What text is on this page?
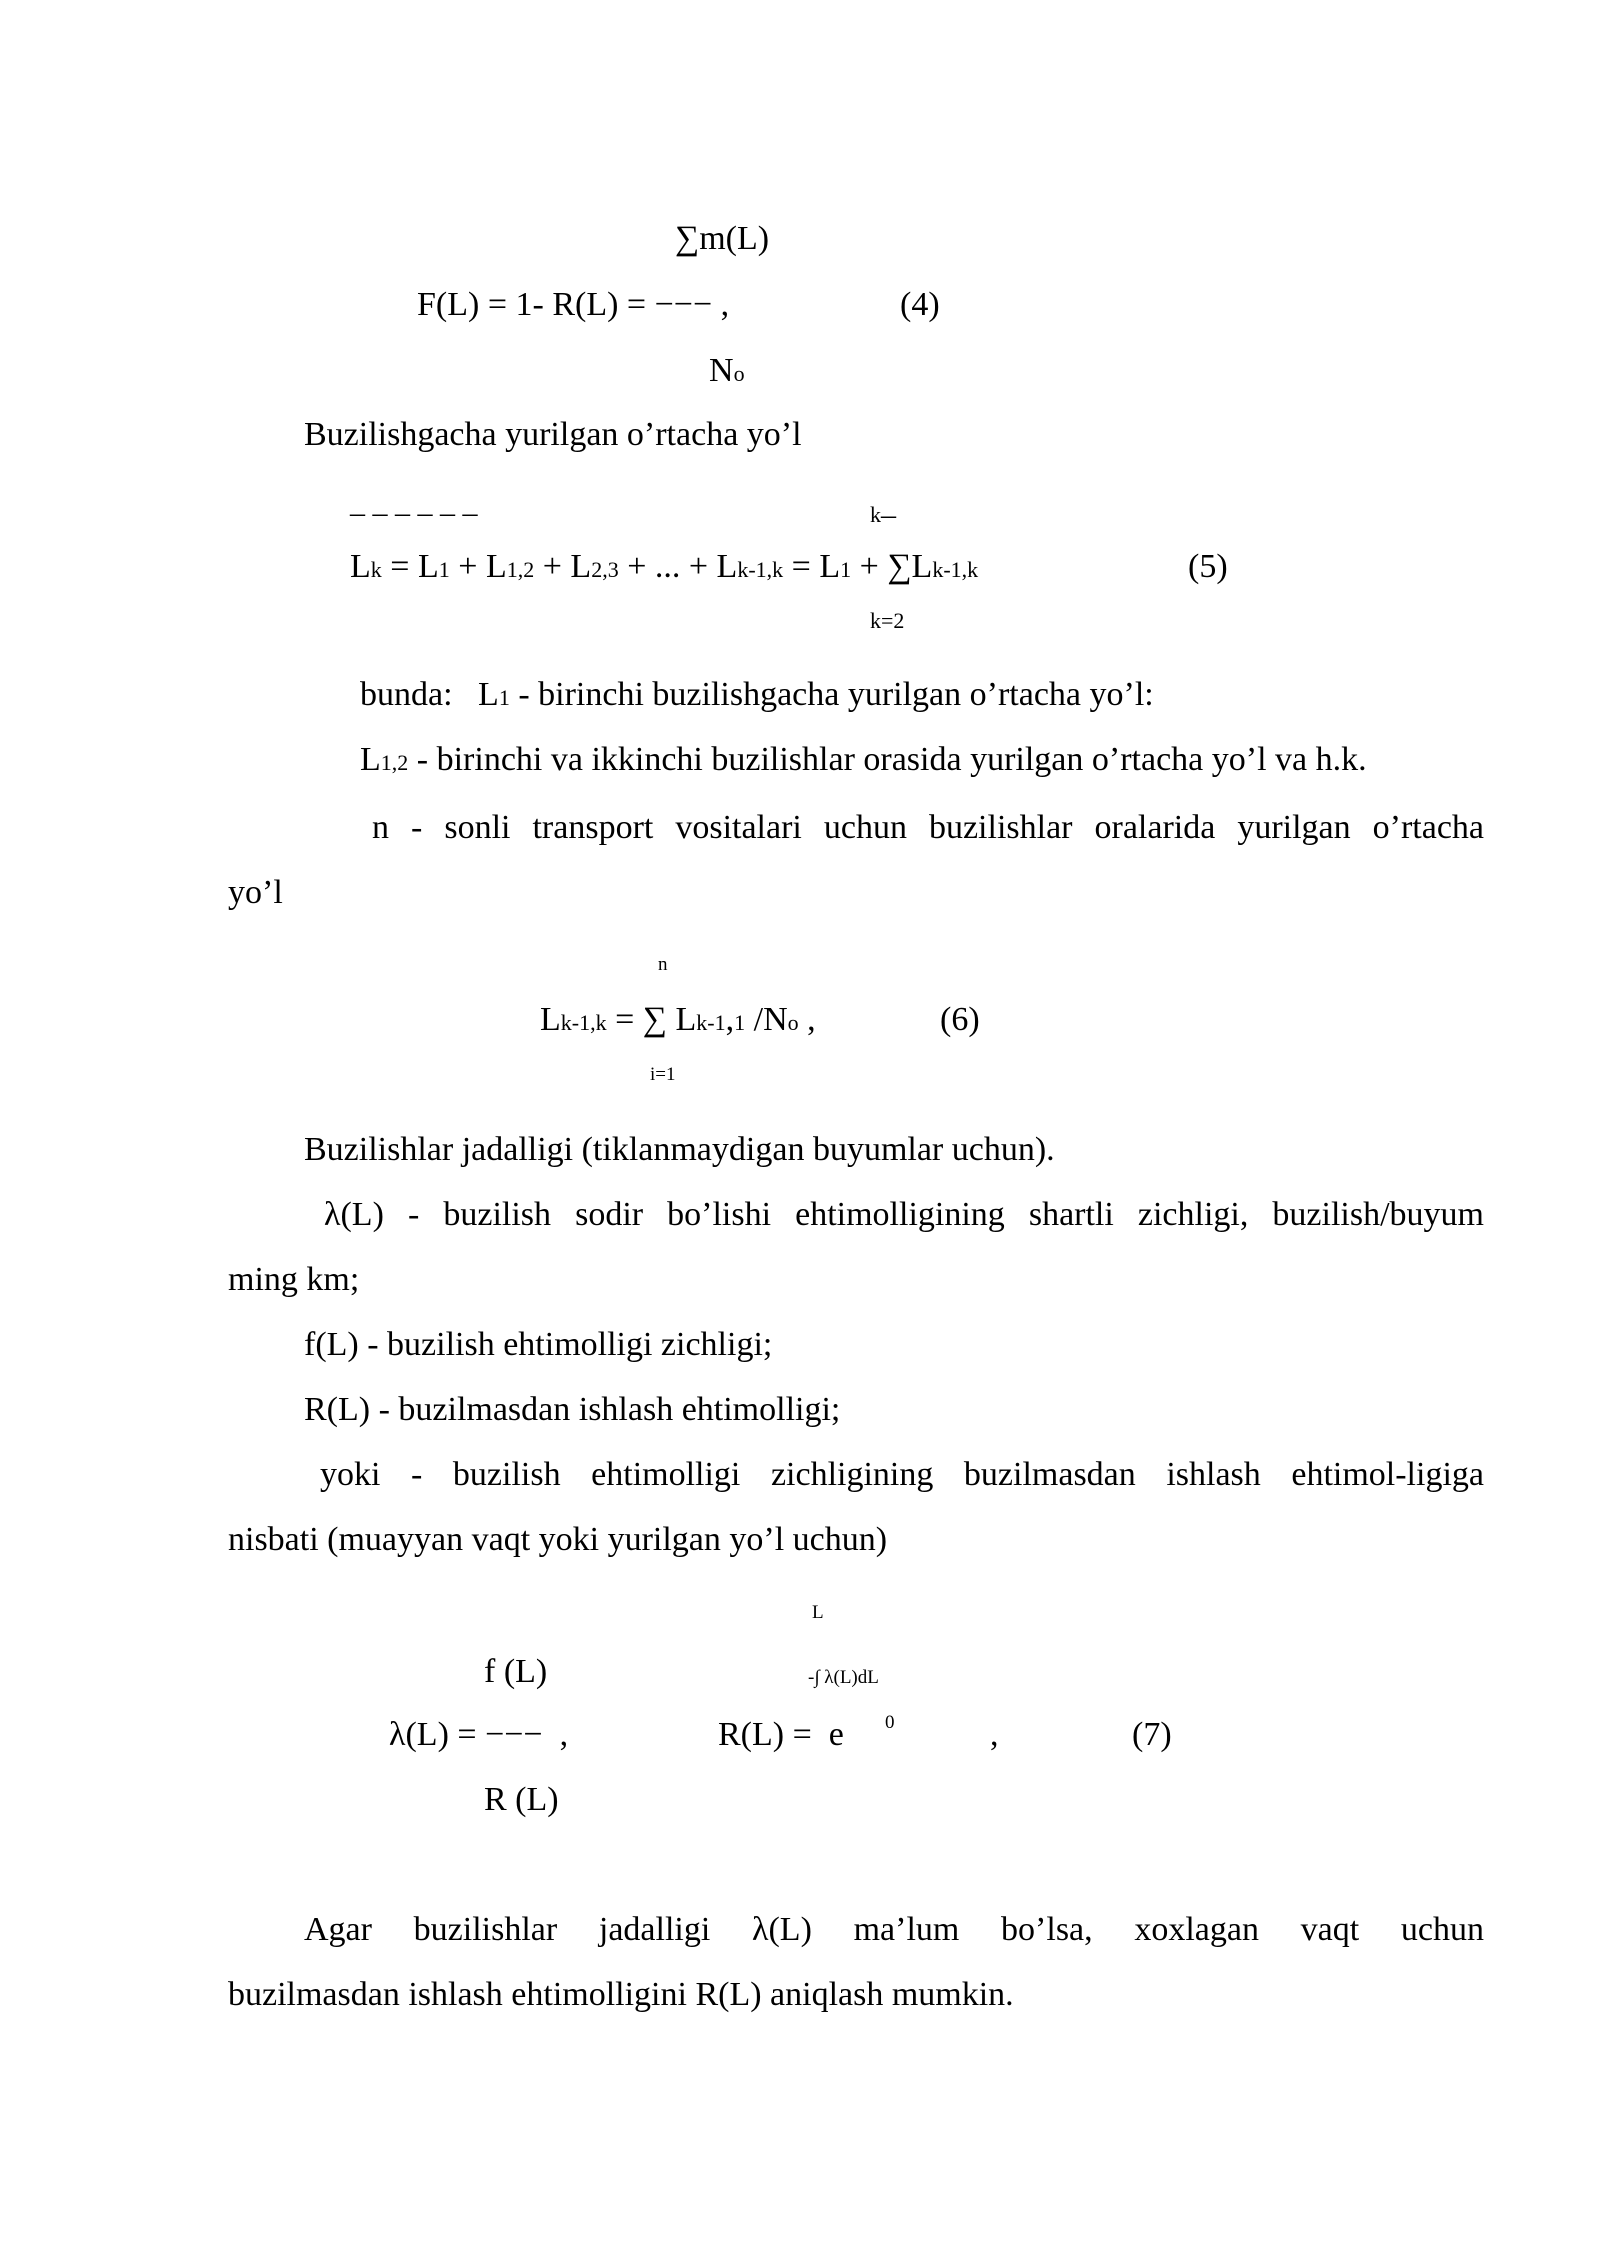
∑m(L)
F(L) = 1- R(L) = −−− ,	(4)
No
Buzilishgacha yurilgan o’rtacha yo’l
_ _ _ _ _ _	k_
Lk = L1 + L1,2 + L2,3 + ... + Lk-1,k = L1 + ∑Lk-1,k	(5)
k=2
bunda: L1 - birinchi buzilishgacha yurilgan o’rtacha yo’l:
L1,2 - birinchi va ikkinchi buzilishlar orasida yurilgan o’rtacha yo’l va h.k.
n - sonli transport vositalari uchun buzilishlar oralarida yurilgan o’rtacha
yo’l
n
Lk-1,k = ∑ Lk-1,1 /No ,	(6)
i=1
Buzilishlar jadalligi (tiklanmaydigan buyumlar uchun).
λ(L) - buzilish sodir bo’lishi ehtimolligining shartli zichligi, buzilish/buyum
ming km;
f(L) - buzilish ehtimolligi zichligi;
R(L) - buzilmasdan ishlash ehtimolligi;
yoki - buzilish ehtimolligi zichligining buzilmasdan ishlash ehtimol-ligiga
nisbati (muayyan vaqt yoki yurilgan yo’l uchun)
L
f (L)	-∫ λ(L)dL
λ(L) = −−−  ,	R(L) =  e 0	,	(7)
R (L)
Agar buzilishlar jadalligi λ(L) ma’lum bo’lsa, xoxlagan vaqt uchun
buzilmasdan ishlash ehtimolligini R(L) aniqlash mumkin.
